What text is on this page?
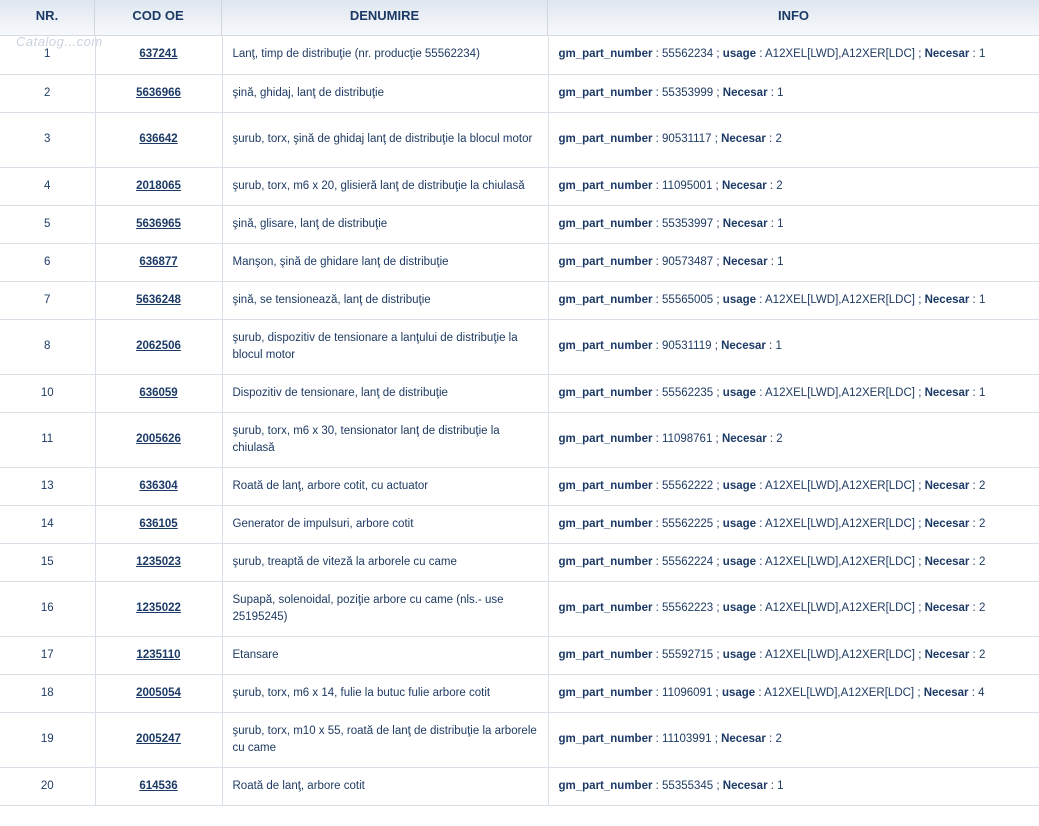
NR.	COD OE	DENUMIRE	INFO
Catalog...com
1	637241	Lanţ, timp de distribuţie (nr. producţie 55562234)	gm_part_number : 55562234 ; usage : A12XEL[LWD],A12XER[LDC] ; Necesar : 1
2	5636966	şină, ghidaj, lanţ de distribuţie	gm_part_number : 55353999 ; Necesar : 1
3	636642	şurub, torx, şină de ghidaj lanţ de distribuţie la blocul motor	gm_part_number : 90531117 ; Necesar : 2
4	2018065	şurub, torx, m6 x 20, glisieră lanţ de distribuţie la chiulasă	gm_part_number : 11095001 ; Necesar : 2
5	5636965	şină, glisare, lanţ de distribuţie	gm_part_number : 55353997 ; Necesar : 1
6	636877	Manşon, şină de ghidare lanţ de distribuţie	gm_part_number : 90573487 ; Necesar : 1
7	5636248	şină, se tensionează, lanţ de distribuţie	gm_part_number : 55565005 ; usage : A12XEL[LWD],A12XER[LDC] ; Necesar : 1
8	2062506	şurub, dispozitiv de tensionare a lanţului de distribuţie la blocul motor	gm_part_number : 90531119 ; Necesar : 1
10	636059	Dispozitiv de tensionare, lanţ de distribuţie	gm_part_number : 55562235 ; usage : A12XEL[LWD],A12XER[LDC] ; Necesar : 1
11	2005626	şurub, torx, m6 x 30, tensionator lanţ de distribuţie la chiulasă	gm_part_number : 11098761 ; Necesar : 2
13	636304	Roată de lanţ, arbore cotit, cu actuator	gm_part_number : 55562222 ; usage : A12XEL[LWD],A12XER[LDC] ; Necesar : 2
14	636105	Generator de impulsuri, arbore cotit	gm_part_number : 55562225 ; usage : A12XEL[LWD],A12XER[LDC] ; Necesar : 2
15	1235023	şurub, treaptă de viteză la arborele cu came	gm_part_number : 55562224 ; usage : A12XEL[LWD],A12XER[LDC] ; Necesar : 2
16	1235022	Supapă, solenoidal, poziţie arbore cu came (nls.- use 25195245)	gm_part_number : 55562223 ; usage : A12XEL[LWD],A12XER[LDC] ; Necesar : 2
17	1235110	Etansare	gm_part_number : 55592715 ; usage : A12XEL[LWD],A12XER[LDC] ; Necesar : 2
18	2005054	şurub, torx, m6 x 14, fulie la butuc fulie arbore cotit	gm_part_number : 11096091 ; usage : A12XEL[LWD],A12XER[LDC] ; Necesar : 4
19	2005247	şurub, torx, m10 x 55, roată de lanţ de distribuţie la arborele cu came	gm_part_number : 11103991 ; Necesar : 2
20	614536	Roată de lanţ, arbore cotit	gm_part_number : 55355345 ; Necesar : 1
